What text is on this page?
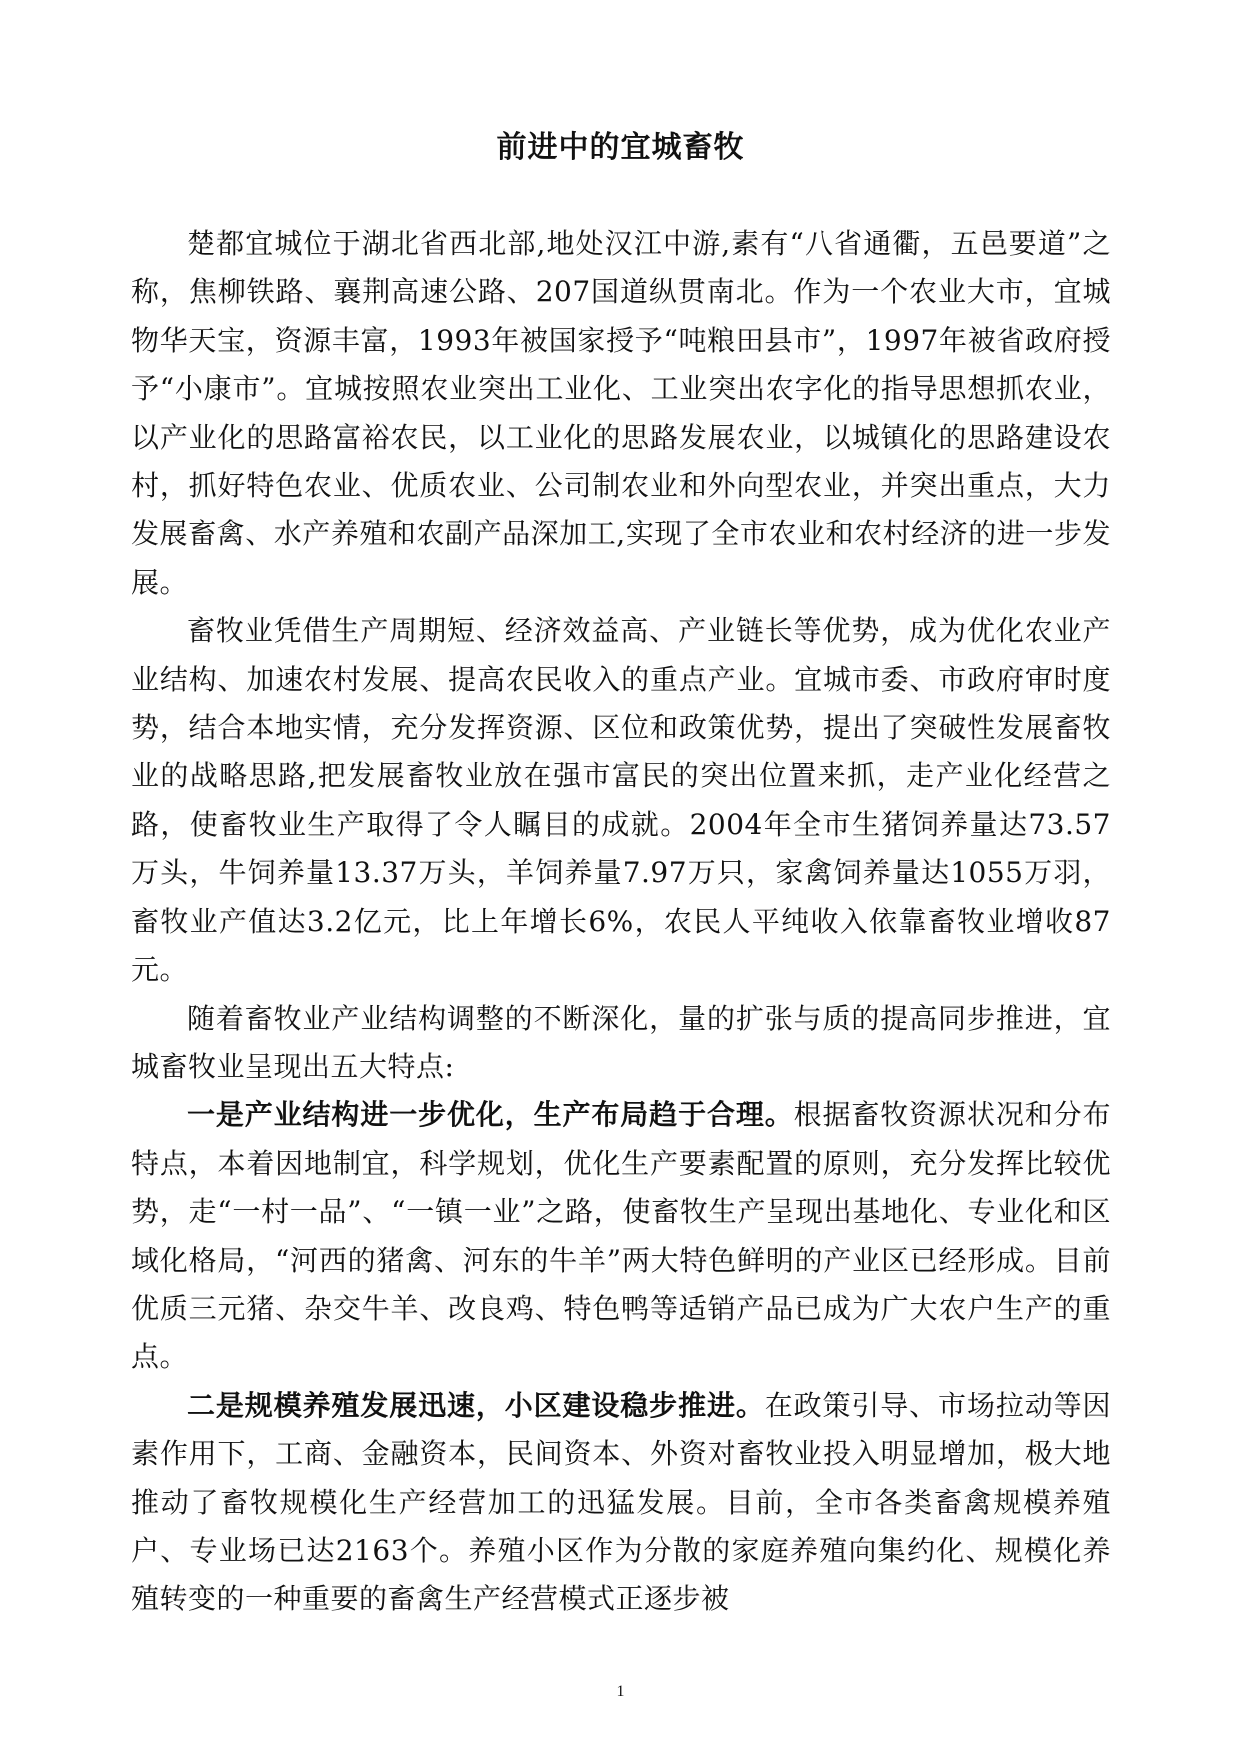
前进中的宜城畜牧

楚都宜城位于湖北省西北部,地处汉江中游,素有“八省通衢，五邑要道”之称，焦柳铁路、襄荆高速公路、207国道纵贯南北。作为一个农业大市，宜城物华天宝，资源丰富，1993年被国家授予“吨粮田县市”，1997年被省政府授予“小康市”。宜城按照农业突出工业化、工业突出农字化的指导思想抓农业，以产业化的思路富裕农民，以工业化的思路发展农业，以城镇化的思路建设农村，抓好特色农业、优质农业、公司制农业和外向型农业，并突出重点，大力发展畜禽、水产养殖和农副产品深加工,实现了全市农业和农村经济的进一步发展。

畜牧业凭借生产周期短、经济效益高、产业链长等优势，成为优化农业产业结构、加速农村发展、提高农民收入的重点产业。宜城市委、市政府审时度势，结合本地实情，充分发挥资源、区位和政策优势，提出了突破性发展畜牧业的战略思路,把发展畜牧业放在强市富民的突出位置来抓，走产业化经营之路，使畜牧业生产取得了令人瞩目的成就。2004年全市生猪饲养量达73.57万头，牛饲养量13.37万头，羊饲养量7.97万只，家禽饲养量达1055万羽，畜牧业产值达3.2亿元，比上年增长6%，农民人平纯收入依靠畜牧业增收87元。

随着畜牧业产业结构调整的不断深化，量的扩张与质的提高同步推进，宜城畜牧业呈现出五大特点:

一是产业结构进一步优化，生产布局趋于合理。根据畜牧资源状况和分布特点，本着因地制宜，科学规划，优化生产要素配置的原则，充分发挥比较优势，走“一村一品”、“一镇一业”之路，使畜牧生产呈现出基地化、专业化和区域化格局，“河西的猪禽、河东的牛羊”两大特色鲜明的产业区已经形成。目前优质三元猪、杂交牛羊、改良鸡、特色鸭等适销产品已成为广大农户生产的重点。

二是规模养殖发展迅速，小区建设稳步推进。在政策引导、市场拉动等因素作用下，工商、金融资本，民间资本、外资对畜牧业投入明显增加，极大地推动了畜牧规模化生产经营加工的迅猛发展。目前，全市各类畜禽规模养殖户、专业场已达2163个。养殖小区作为分散的家庭养殖向集约化、规模化养殖转变的一种重要的畜禽生产经营模式正逐步被

1
